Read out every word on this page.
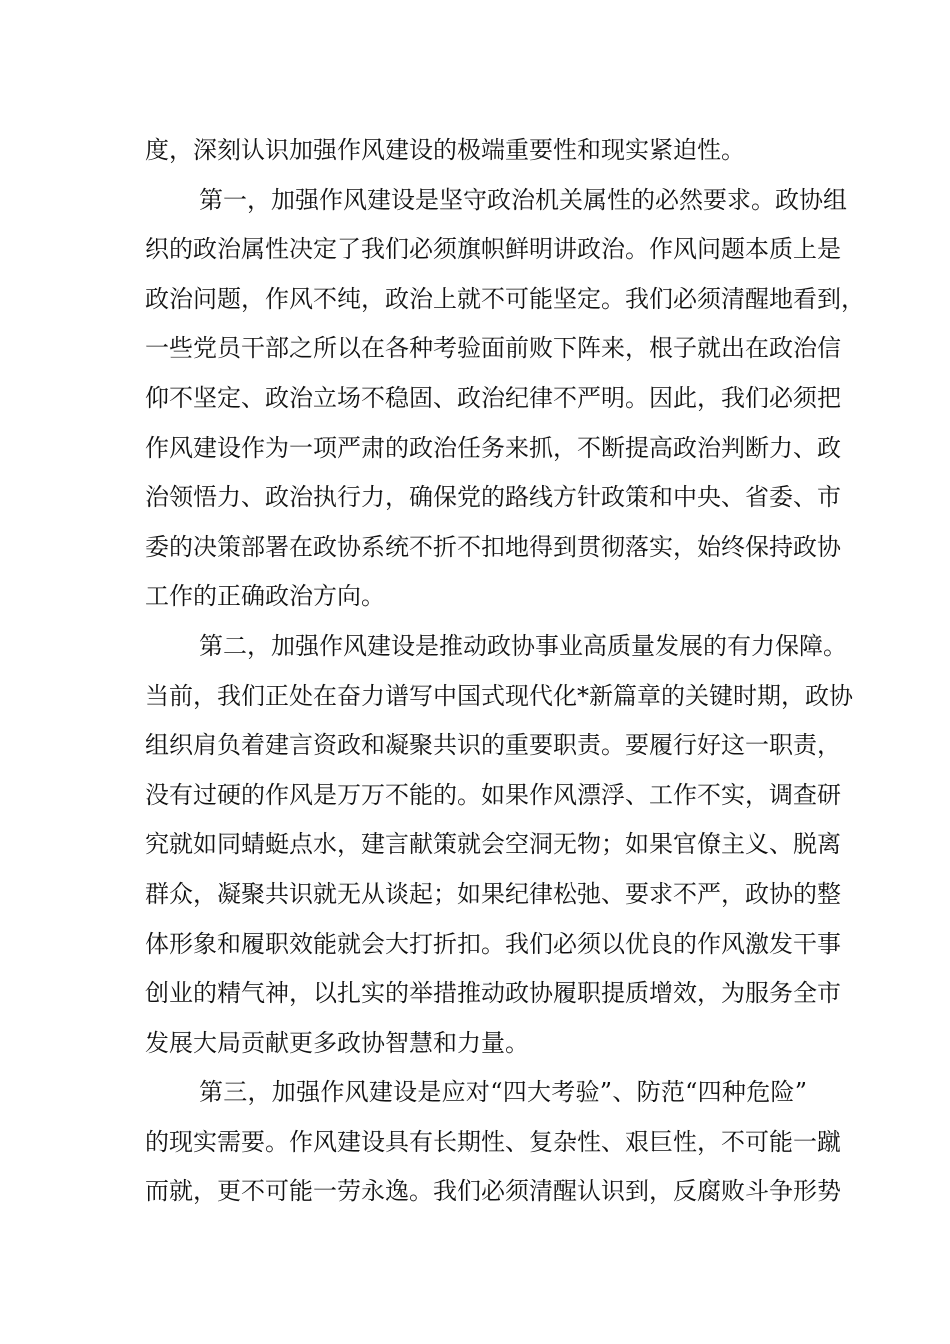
度，深刻认识加强作风建设的极端重要性和现实紧迫性。
第一，加强作风建设是坚守政治机关属性的必然要求。政协组
织的政治属性决定了我们必须旗帜鲜明讲政治。作风问题本质上是
政治问题，作风不纯，政治上就不可能坚定。我们必须清醒地看到，
一些党员干部之所以在各种考验面前败下阵来，根子就出在政治信
仰不坚定、政治立场不稳固、政治纪律不严明。因此，我们必须把
作风建设作为一项严肃的政治任务来抓，不断提高政治判断力、政
治领悟力、政治执行力，确保党的路线方针政策和中央、省委、市
委的决策部署在政协系统不折不扣地得到贯彻落实，始终保持政协
工作的正确政治方向。
第二，加强作风建设是推动政协事业高质量发展的有力保障。
当前，我们正处在奋力谱写中国式现代化*新篇章的关键时期，政协
组织肩负着建言资政和凝聚共识的重要职责。要履行好这一职责，
没有过硬的作风是万万不能的。如果作风漂浮、工作不实，调查研
究就如同蜻蜓点水，建言献策就会空洞无物；如果官僚主义、脱离
群众，凝聚共识就无从谈起；如果纪律松弛、要求不严，政协的整
体形象和履职效能就会大打折扣。我们必须以优良的作风激发干事
创业的精气神，以扎实的举措推动政协履职提质增效，为服务全市
发展大局贡献更多政协智慧和力量。
第三，加强作风建设是应对“四大考验”、防范“四种危险”
的现实需要。作风建设具有长期性、复杂性、艰巨性，不可能一蹴
而就，更不可能一劳永逸。我们必须清醒认识到，反腐败斗争形势
